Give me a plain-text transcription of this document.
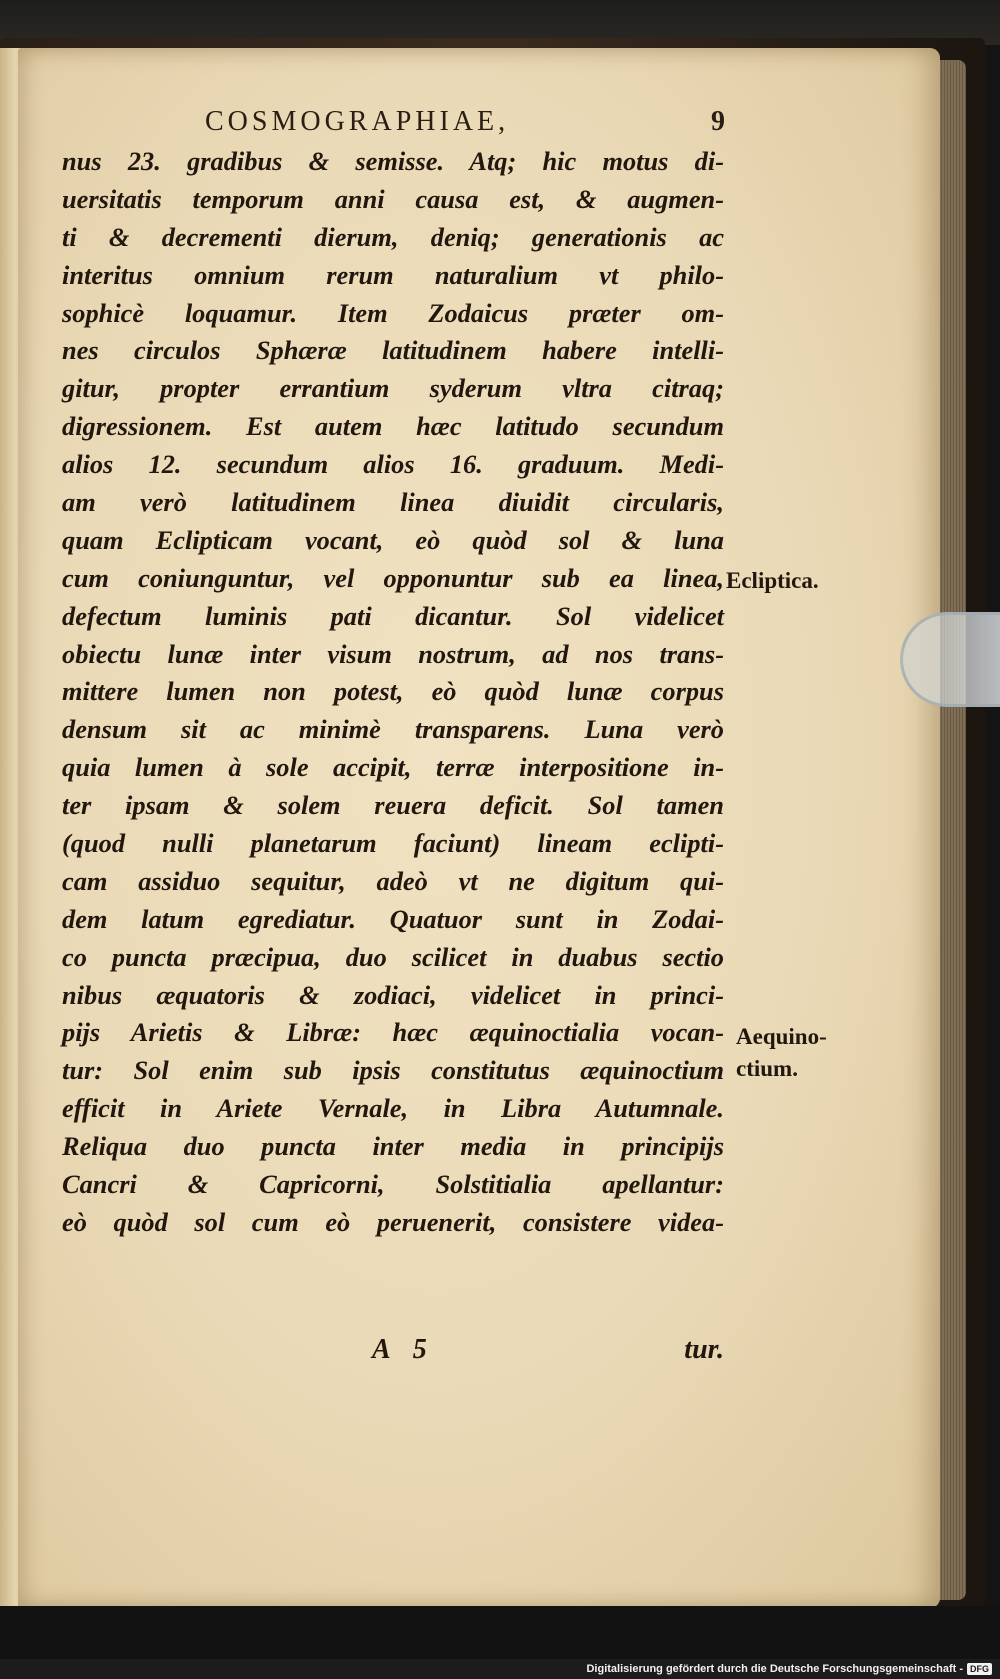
COSMOGRAPHIAE,	9
nus 23. gradibus & semisse. Atq; hic motus di-
uersitatis temporum anni causa est, & augmen-
ti & decrementi dierum, deniq; generationis ac
interitus omnium rerum naturalium vt philo-
sophicè loquamur. Item Zodaicus præter om-
nes circulos Sphæræ latitudinem habere intelli-
gitur, propter errantium syderum vltra citraq;
digressionem. Est autem hæc latitudo secundum
alios 12. secundum alios 16. graduum. Medi-
am verò latitudinem linea diuidit circularis,
quam Eclipticam vocant, eò quòd sol & luna
cum coniunguntur, vel opponuntur sub ea linea,
defectum luminis pati dicantur. Sol videlicet
obiectu lunæ inter visum nostrum, ad nos trans-
mittere lumen non potest, eò quòd lunæ corpus
densum sit ac minimè transparens. Luna verò
quia lumen à sole accipit, terræ interpositione in-
ter ipsam & solem reuera deficit. Sol tamen
(quod nulli planetarum faciunt) lineam eclipti-
cam assiduo sequitur, adeò vt ne digitum qui-
dem latum egrediatur. Quatuor sunt in Zodai-
co puncta præcipua, duo scilicet in duabus sectio
nibus æquatoris & zodiaci, videlicet in princi-
pijs Arietis & Libræ: hæc æquinoctialia vocan-
tur: Sol enim sub ipsis constitutus æquinoctium
efficit in Ariete Vernale, in Libra Autumnale.
Reliqua duo puncta inter media in principijs
Cancri & Capricorni, Solstitialia apellantur:
eò quòd sol cum eò peruenerit, consistere videa-
Ecliptica.
Aequino-
ctium.
A 5	tur.
Digitalisierung gefördert durch die Deutsche Forschungsgemeinschaft - DFG
